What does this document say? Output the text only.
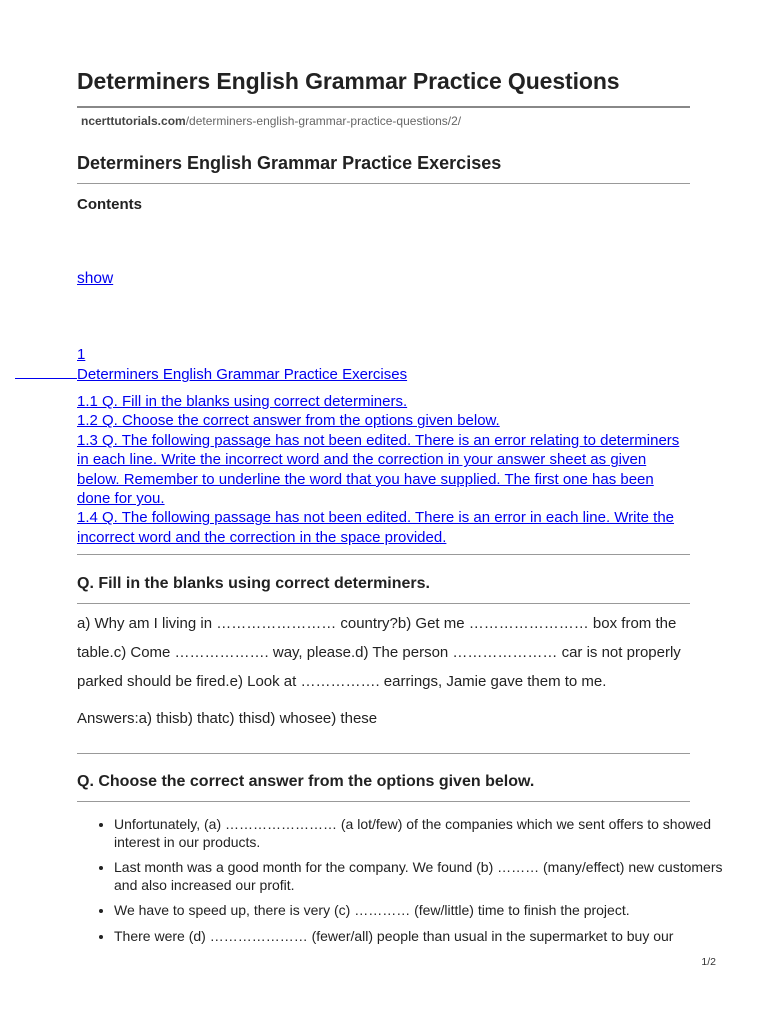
Determiners English Grammar Practice Questions
ncerttutorials.com/determiners-english-grammar-practice-questions/2/
Determiners English Grammar Practice Exercises
Contents
show
1
Determiners English Grammar Practice Exercises
1.1 Q. Fill in the blanks using correct determiners.
1.2 Q. Choose the correct answer from the options given below.
1.3 Q. The following passage has not been edited. There is an error relating to determiners in each line. Write the incorrect word and the correction in your answer sheet as given below. Remember to underline the word that you have supplied. The first one has been done for you.
1.4 Q. The following passage has not been edited. There is an error in each line. Write the incorrect word and the correction in the space provided.
Q. Fill in the blanks using correct determiners.
a) Why am I living in …………………… country?b) Get me …………………… box from the table.c) Come ………………. way, please.d) The person ………………… car is not properly parked should be fired.e) Look at ……………. earrings, Jamie gave them to me.
Answers:a) thisb) thatc) thisd) whosee) these
Q. Choose the correct answer from the options given below.
• Unfortunately, (a) …………………… (a lot/few) of the companies which we sent offers to showed interest in our products.
• Last month was a good month for the company. We found (b) ……… (many/effect) new customers and also increased our profit.
• We have to speed up, there is very (c) ………… (few/little) time to finish the project.
• There were (d) ………………… (fewer/all) people than usual in the supermarket to buy our
1/2
